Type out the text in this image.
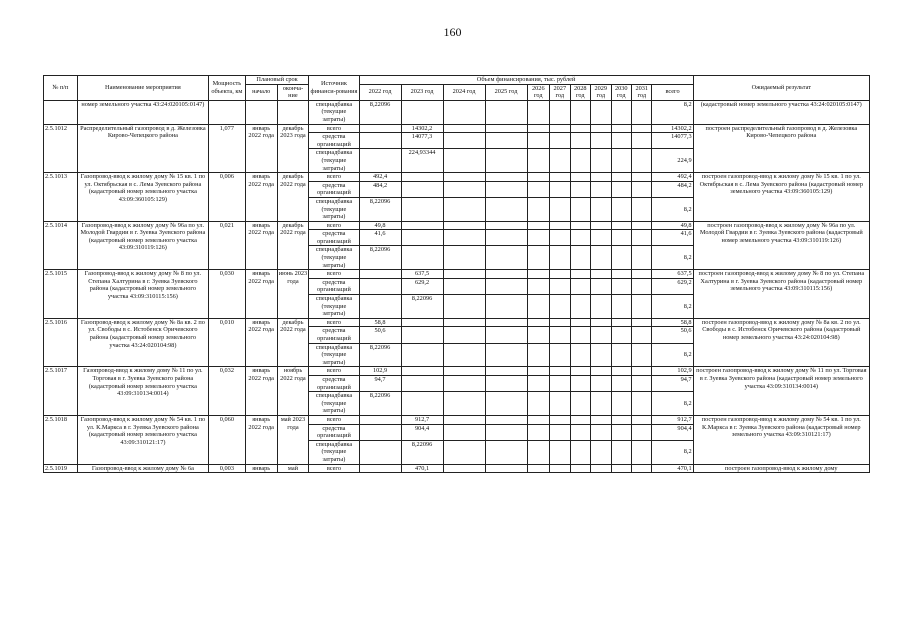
160
№ п/п	Наименование мероприятия	Мощность объекта, км	Плановый срок		Источник финанси-рования	Объем финансирования, тыс. рублей											Ожидаемый результат
			начало	оконча-ние		2022 год	2023 год	2024 год	2025 год	2026 год	2027 год	2028 год	2029 год	2030 год	2031 год	всего	

	номер земельного участка 43:24:020105:0147)				спецнадбавка (текущие затраты)	8,22096										8,2	(кадастровый номер земельного участка 43:24:020105:0147)
2.5.1012	Распределительный газопровод в д. Железовка Кирово-Чепецкого района	1,077	январь 2022 года	декабрь 2023 года	всего		14302,2									14302,2	построен распределительный газопровод в д. Железовка Кирово-Чепецкого района
					средства организаций		14077,3									14077,3	
					спецнадбавка (текущие затраты)		224,93344									224,9	
2.5.1013	Газопровод-ввод к жилому дому № 15 кв. 1 по ул. Октябрьская в с. Лема Зуевского района (кадастровый номер земельного участка 43:09:360105:129)	0,006	январь 2022 года	декабрь 2022 года	всего	492,4										492,4	построен газопровод-ввод к жилому дому № 15 кв. 1 по ул. Октябрьская в с. Лема Зуевского района (кадастровый номер земельного участка 43:09:360105:129)
					средства организаций	484,2										484,2	
					спецнадбавка (текущие затраты)	8,22096										8,2	
2.5.1014	Газопровод-ввод к жилому дому № 96а по ул. Молодой Гвардии в г. Зуевка Зуевского района (кадастровый номер земельного участка 43:09:310119:126)	0,021	январь 2022 года	декабрь 2022 года	всего	49,8										49,8	построен газопровод-ввод к жилому дому № 96а по ул. Молодой Гвардии в г. Зуевка Зуевского района (кадастровый номер земельного участка 43:09:310119:126)
					средства организаций	41,6										41,6	
					спецнадбавка (текущие затраты)	8,22096										8,2	
2.5.1015	Газопровод-ввод к жилому дому № 8 по ул. Степана Халтурина в г. Зуевка Зуевского района (кадастровый номер земельного участка 43:09:310115:156)	0,030	январь 2022 года	июнь 2023 года	всего		637,5									637,5	построен газопровод-ввод к жилому дому № 8 по ул. Степана Халтурина в г. Зуевка Зуевского района (кадастровый номер земельного участка 43:09:310115:156)
					средства организаций		629,2									629,2	
					спецнадбавка (текущие затраты)		8,22096									8,2	
2.5.1016	Газопровод-ввод к жилому дому № 8а кв. 2 по ул. Свободы в с. Истобенск Оричевского района (кадастровый номер земельного участка 43:24:020104:98)	0,010	январь 2022 года	декабрь 2022 года	всего	58,8										58,8	построен газопровод-ввод к жилому дому № 8а кв. 2 по ул. Свободы в с. Истобенск Оричевского района (кадастровый номер земельного участка 43:24:020104:98)
					средства организаций	50,6										50,6	
					спецнадбавка (текущие затраты)	8,22096										8,2	
2.5.1017	Газопровод-ввод к жилому дому № 11 по ул. Торговая в г. Зуевка Зуевского района (кадастровый номер земельного участка 43:09:310134:0014)	0,032	январь 2022 года	ноябрь 2022 года	всего	102,9										102,9	построен газопровод-ввод к жилому дому № 11 по ул. Торговая в г. Зуевка Зуевского района (кадастровый номер земельного участка 43:09:310134:0014)
					средства организаций	94,7										94,7	
					спецнадбавка (текущие затраты)	8,22096										8,2	
2.5.1018	Газопровод-ввод к жилому дому № 54 кв. 1 по ул. К.Маркса в г. Зуевка Зуевского района (кадастровый номер земельного участка 43:09:310121:17)	0,060	январь 2022 года	май 2023 года	всего		912,7									912,7	построен газопровод-ввод к жилому дому № 54 кв. 1 по ул. К.Маркса в г. Зуевка Зуевского района (кадастровый номер земельного участка 43:09:310121:17)
					средства организаций		904,4									904,4	
					спецнадбавка (текущие затраты)		8,22096									8,2	
2.5.1019	Газопровод-ввод к жилому дому № 6а	0,003	январь	май	всего		470,1									470,1	построен газопровод-ввод к жилому дому
